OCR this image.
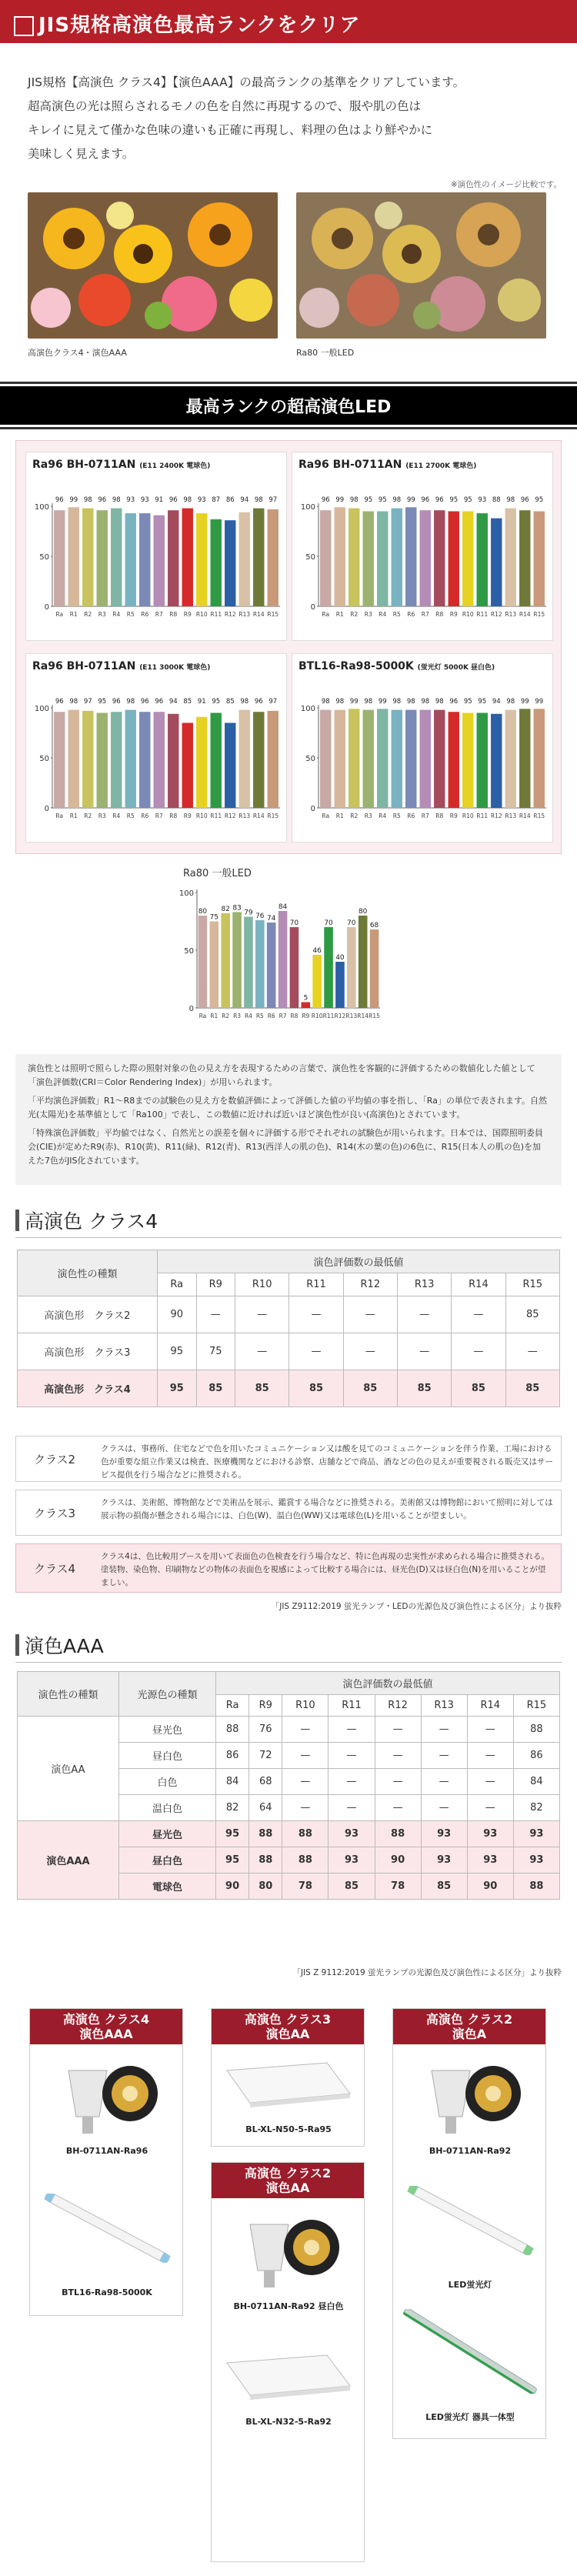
JIS規格高演色最高ランクをクリア
JIS規格【高演色 クラス4】【演色AAA】の最高ランクの基準をクリアしています。
超高演色の光は照らされるモノの色を自然に再現するので、服や肌の色は
キレイに見えて僅かな色味の違いも正確に再現し、料理の色はより鮮やかに
美味しく見えます。
※演色性のイメージ比較です。
高演色クラス4・演色AAA	Ra80 一般LED
最高ランクの超高演色LED
Ra96 BH-0711AN (E11 2400K 電球色)
0
50
100
96
Ra
99
R1
98
R2
96
R3
98
R4
93
R5
93
R6
91
R7
96
R8
98
R9
93
R10
87
R11
86
R12
94
R13
98
R14
97
R15
Ra96 BH-0711AN (E11 2700K 電球色)
0
50
100
96
Ra
99
R1
98
R2
95
R3
95
R4
98
R5
99
R6
96
R7
96
R8
95
R9
95
R10
93
R11
88
R12
98
R13
96
R14
95
R15
Ra96 BH-0711AN (E11 3000K 電球色)
0
50
100
96
Ra
98
R1
97
R2
95
R3
96
R4
98
R5
96
R6
96
R7
94
R8
85
R9
91
R10
95
R11
85
R12
98
R13
96
R14
97
R15
BTL16-Ra98-5000K (蛍光灯 5000K 昼白色)
0
50
100
98
Ra
98
R1
99
R2
98
R3
99
R4
98
R5
98
R6
98
R7
98
R8
96
R9
95
R10
95
R11
94
R12
98
R13
99
R14
99
R15
Ra80 一般LED
0
50
100
80
Ra
75
R1
82
R2
83
R3
79
R4
76
R5
74
R6
84
R7
70
R8
5
R9
46
R10
70
R11
40
R12
70
R13
80
R14
68
R15

演色性とは照明で照らした際の照射対象の色の見え方を表現するための言葉で、演色性を客観的に評価するための数値化した値として「演色評価数(CRI＝Color Rendering Index)」が用いられます。

「平均演色評価数」R1〜R8までの試験色の見え方を数値評価によって評価した値の平均値の事を指し、「Ra」の単位で表されます。自然光(太陽光)を基準値として「Ra100」で表し、この数値に近ければ近いほど演色性が良い(高演色)とされています。

「特殊演色評価数」平均値ではなく、自然光との誤差を個々に評価する形でそれぞれの試験色が用いられます。日本では、国際照明委員会(CIE)が定めたR9(赤)、R10(黄)、R11(緑)、R12(青)、R13(西洋人の肌の色)、R14(木の葉の色)の6色に、R15(日本人の肌の色)を加えた7色がJIS化されています。

高演色 クラス4
演色性の種類	演色評価数の最低値							
	Ra	R9	R10	R11	R12	R13	R14	R15
高演色形　クラス2	90	—	—	—	—	—	—	85
高演色形　クラス3	95	75	—	—	—	—	—	—
高演色形　クラス4	95	85	85	85	85	85	85	85
クラス2
クラスは、事務所、住宅などで色を用いたコミュニケーション又は酸を見てのコミュニケーションを伴う作業、工場における色が重要な組立作業又は検査、医療機関などにおける診察、店舗などで商品、酒などの色の見えが重要視される販売又はサービス提供を行う場合などに推奨される。
クラス3
クラスは、美術館、博物館などで美術品を展示、鑑賞する場合などに推奨される。美術館又は博物館において照明に対しては展示物の損傷が懸念される場合には、白色(W)、温白色(WW)又は電球色(L)を用いることが望ましい。
クラス4
クラス4は、色比較用ブースを用いて表面色の色検査を行う場合など、特に色再現の忠実性が求められる場合に推奨される。塗装物、染色物、印刷物などの物体の表面色を視感によって比較する場合には、昼光色(D)又は昼白色(N)を用いることが望ましい。
「JIS Z9112:2019 蛍光ランプ・LEDの光源色及び演色性による区分」より抜粋
演色AAA
演色性の種類	光源色の種類	演色評価数の最低値							
		Ra	R9	R10	R11	R12	R13	R14	R15
演色AA	昼光色	88	76	—	—	—	—	—	88
	昼白色	86	72	—	—	—	—	—	86
	白色	84	68	—	—	—	—	—	84
	温白色	82	64	—	—	—	—	—	82
演色AAA	昼光色	95	88	88	93	88	93	93	93
	昼白色	95	88	88	93	90	93	93	93
	電球色	90	80	78	85	78	85	90	88
「JIS Z 9112:2019 蛍光ランプの光源色及び演色性による区分」より抜粋
高演色 クラス4
演色AAA
BH-0711AN-Ra96
BTL16-Ra98-5000K
高演色 クラス3
演色AA
BL-XL-N50-5-Ra95
高演色 クラス2
演色A
BH-0711AN-Ra92
LED蛍光灯
LED蛍光灯 器具一体型
高演色 クラス2
演色AA
BH-0711AN-Ra92 昼白色
BL-XL-N32-5-Ra92
